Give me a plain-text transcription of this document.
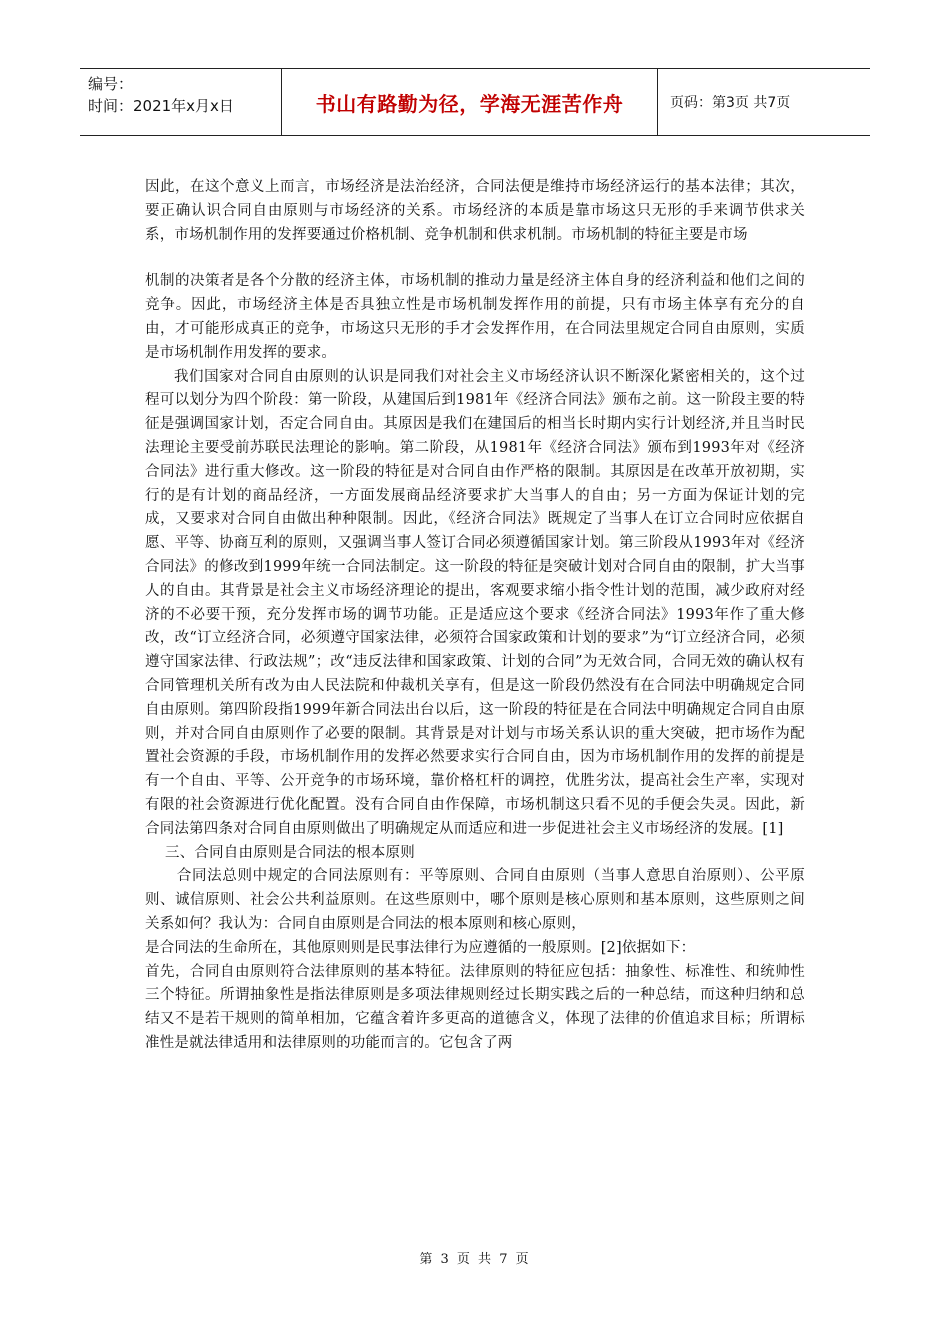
编号：
时间：2021年x月x日	书山有路勤为径，学海无涯苦作舟	页码：第3页 共7页

因此，在这个意义上而言，市场经济是法治经济，合同法便是维持市场经济运行的基本法律；其次，要正确认识合同自由原则与市场经济的关系。市场经济的本质是靠市场这只无形的手来调节供求关系，市场机制作用的发挥要通过价格机制、竞争机制和供求机制。市场机制的特征主要是市场

机制的决策者是各个分散的经济主体，市场机制的推动力量是经济主体自身的经济利益和他们之间的竞争。因此，市场经济主体是否具独立性是市场机制发挥作用的前提，只有市场主体享有充分的自由，才可能形成真正的竞争，市场这只无形的手才会发挥作用，在合同法里规定合同自由原则，实质是市场机制作用发挥的要求。

我们国家对合同自由原则的认识是同我们对社会主义市场经济认识不断深化紧密相关的，这个过程可以划分为四个阶段：第一阶段，从建国后到1981年《经济合同法》颁布之前。这一阶段主要的特征是强调国家计划，否定合同自由。其原因是我们在建国后的相当长时期内实行计划经济,并且当时民法理论主要受前苏联民法理论的影响。第二阶段，从1981年《经济合同法》颁布到1993年对《经济合同法》进行重大修改。这一阶段的特征是对合同自由作严格的限制。其原因是在改革开放初期，实行的是有计划的商品经济，一方面发展商品经济要求扩大当事人的自由；另一方面为保证计划的完成，又要求对合同自由做出种种限制。因此，《经济合同法》既规定了当事人在订立合同时应依据自愿、平等、协商互利的原则，又强调当事人签订合同必须遵循国家计划。第三阶段从1993年对《经济合同法》的修改到1999年统一合同法制定。这一阶段的特征是突破计划对合同自由的限制，扩大当事人的自由。其背景是社会主义市场经济理论的提出，客观要求缩小指令性计划的范围，减少政府对经济的不必要干预，充分发挥市场的调节功能。正是适应这个要求《经济合同法》1993年作了重大修改，改“订立经济合同，必须遵守国家法律，必须符合国家政策和计划的要求”为“订立经济合同，必须遵守国家法律、行政法规”；改“违反法律和国家政策、计划的合同”为无效合同，合同无效的确认权有合同管理机关所有改为由人民法院和仲裁机关享有，但是这一阶段仍然没有在合同法中明确规定合同自由原则。第四阶段指1999年新合同法出台以后，这一阶段的特征是在合同法中明确规定合同自由原则，并对合同自由原则作了必要的限制。其背景是对计划与市场关系认识的重大突破，把市场作为配置社会资源的手段，市场机制作用的发挥必然要求实行合同自由，因为市场机制作用的发挥的前提是有一个自由、平等、公开竞争的市场环境，靠价格杠杆的调控，优胜劣汰，提高社会生产率，实现对有限的社会资源进行优化配置。没有合同自由作保障，市场机制这只看不见的手便会失灵。因此，新合同法第四条对合同自由原则做出了明确规定从而适应和进一步促进社会主义市场经济的发展。[1]

三、合同自由原则是合同法的根本原则

合同法总则中规定的合同法原则有：平等原则、合同自由原则（当事人意思自治原则）、公平原则、诚信原则、社会公共利益原则。在这些原则中，哪个原则是核心原则和基本原则，这些原则之间关系如何？我认为：合同自由原则是合同法的根本原则和核心原则，

是合同法的生命所在，其他原则则是民事法律行为应遵循的一般原则。[2]依据如下：

首先，合同自由原则符合法律原则的基本特征。法律原则的特征应包括：抽象性、标准性、和统帅性三个特征。所谓抽象性是指法律原则是多项法律规则经过长期实践之后的一种总结，而这种归纳和总结又不是若干规则的简单相加，它蕴含着许多更高的道德含义，体现了法律的价值追求目标；所谓标准性是就法律适用和法律原则的功能而言的。它包含了两

第 3 页 共 7 页
